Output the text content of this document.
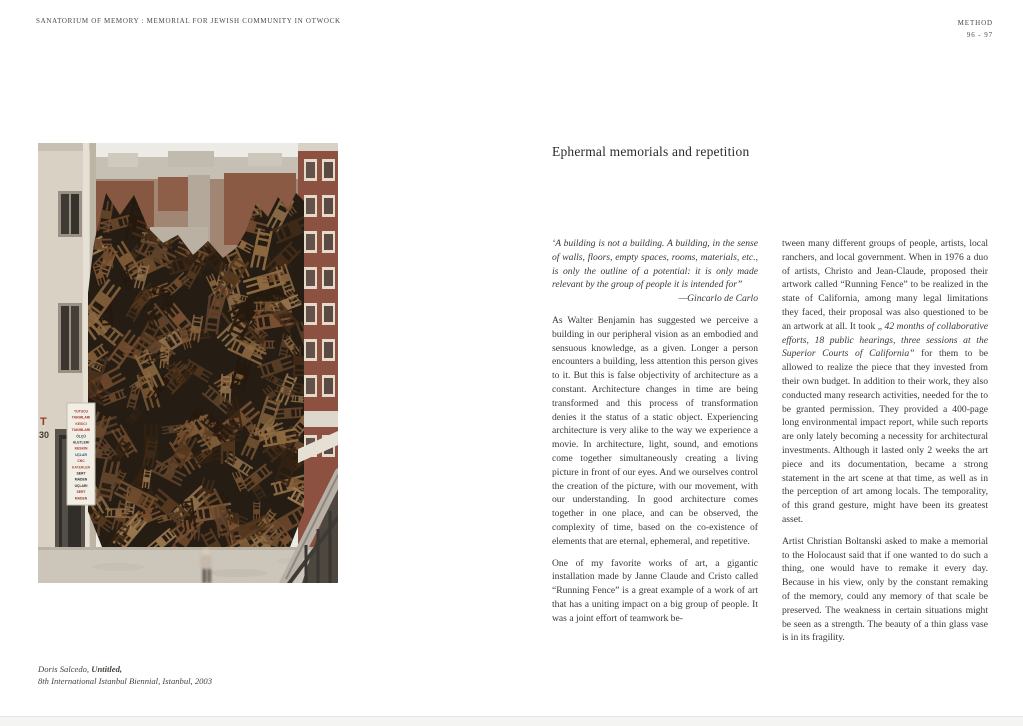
SANATORIUM OF MEMORY : MEMORIAL FOR JEWISH COMMUNITY IN OTWOCK	METHOD
96 - 97
T
30
TUTUCU
TAKIMLARI
KESICI
TAKIMLARI
ÖLÇÜ
ALETLERI
KESKIN
UÇLAR
CNC
KATERLER
SERT
MADEN
UÇLARI
SERT
MADEN
Doris Salcedo, Untitled,
8th International Istanbul Biennial, Istanbul, 2003
Ephermal memorials and repetition

‘A building is not a building. A building, in the sense of walls, floors, empty spaces, rooms, materials, etc., is only the outline of a potential: it is only made relevant by the group of people it is intended for”

—Gincarlo de Carlo

As Walter Benjamin has suggested we perceive a building in our peripheral vision as an embodied and sensuous knowledge, as a given. Longer a person encounters a building, less attention this person gives to it. But this is false objectivity of architecture as a constant. Architecture changes in time are being transformed and this process of transformation denies it the status of a static object. Experiencing architecture is very alike to the way we experience a movie. In architecture, light, sound, and emotions come together simultaneously creating a living picture in front of our eyes. And we ourselves control the creation of the picture, with our movement, with our understanding. In good architecture comes together in one place, and can be observed, the complexity of time, based on the co-existence of elements that are eternal, ephemeral, and repetitive.

One of my favorite works of art, a gigantic installation made by Janne Claude and Cristo called “Running Fence” is a great example of a work of art that has a uniting impact on a big group of people. It was a joint effort of teamwork be-

tween many different groups of people, artists, local ranchers, and local government. When in 1976 a duo of artists, Christo and Jean-Claude, proposed their artwork called “Running Fence” to be realized in the state of California, among many legal limitations they faced, their proposal was also questioned to be an artwork at all. It took „ 42 months of collaborative efforts, 18 public hearings, three sessions at the Superior Courts of California” for them to be allowed to realize the piece that they invested from their own budget. In addition to their work, they also conducted many research activities, needed for the to be granted permission. They provided a 400-page long environmental impact report, while such reports are only lately becoming a necessity for architectural investments. Although it lasted only 2 weeks the art piece and its documentation, became a strong statement in the art scene at that time, as well as in the perception of art among locals. The temporality, of this grand gesture, might have been its greatest asset.

Artist Christian Boltanski asked to make a memorial to the Holocaust said that if one wanted to do such a thing, one would have to remake it every day. Because in his view, only by the constant remaking of the memory, could any memory of that scale be preserved. The weakness in certain situations might be seen as a strength. The beauty of a thin glass vase is in its fragility.
